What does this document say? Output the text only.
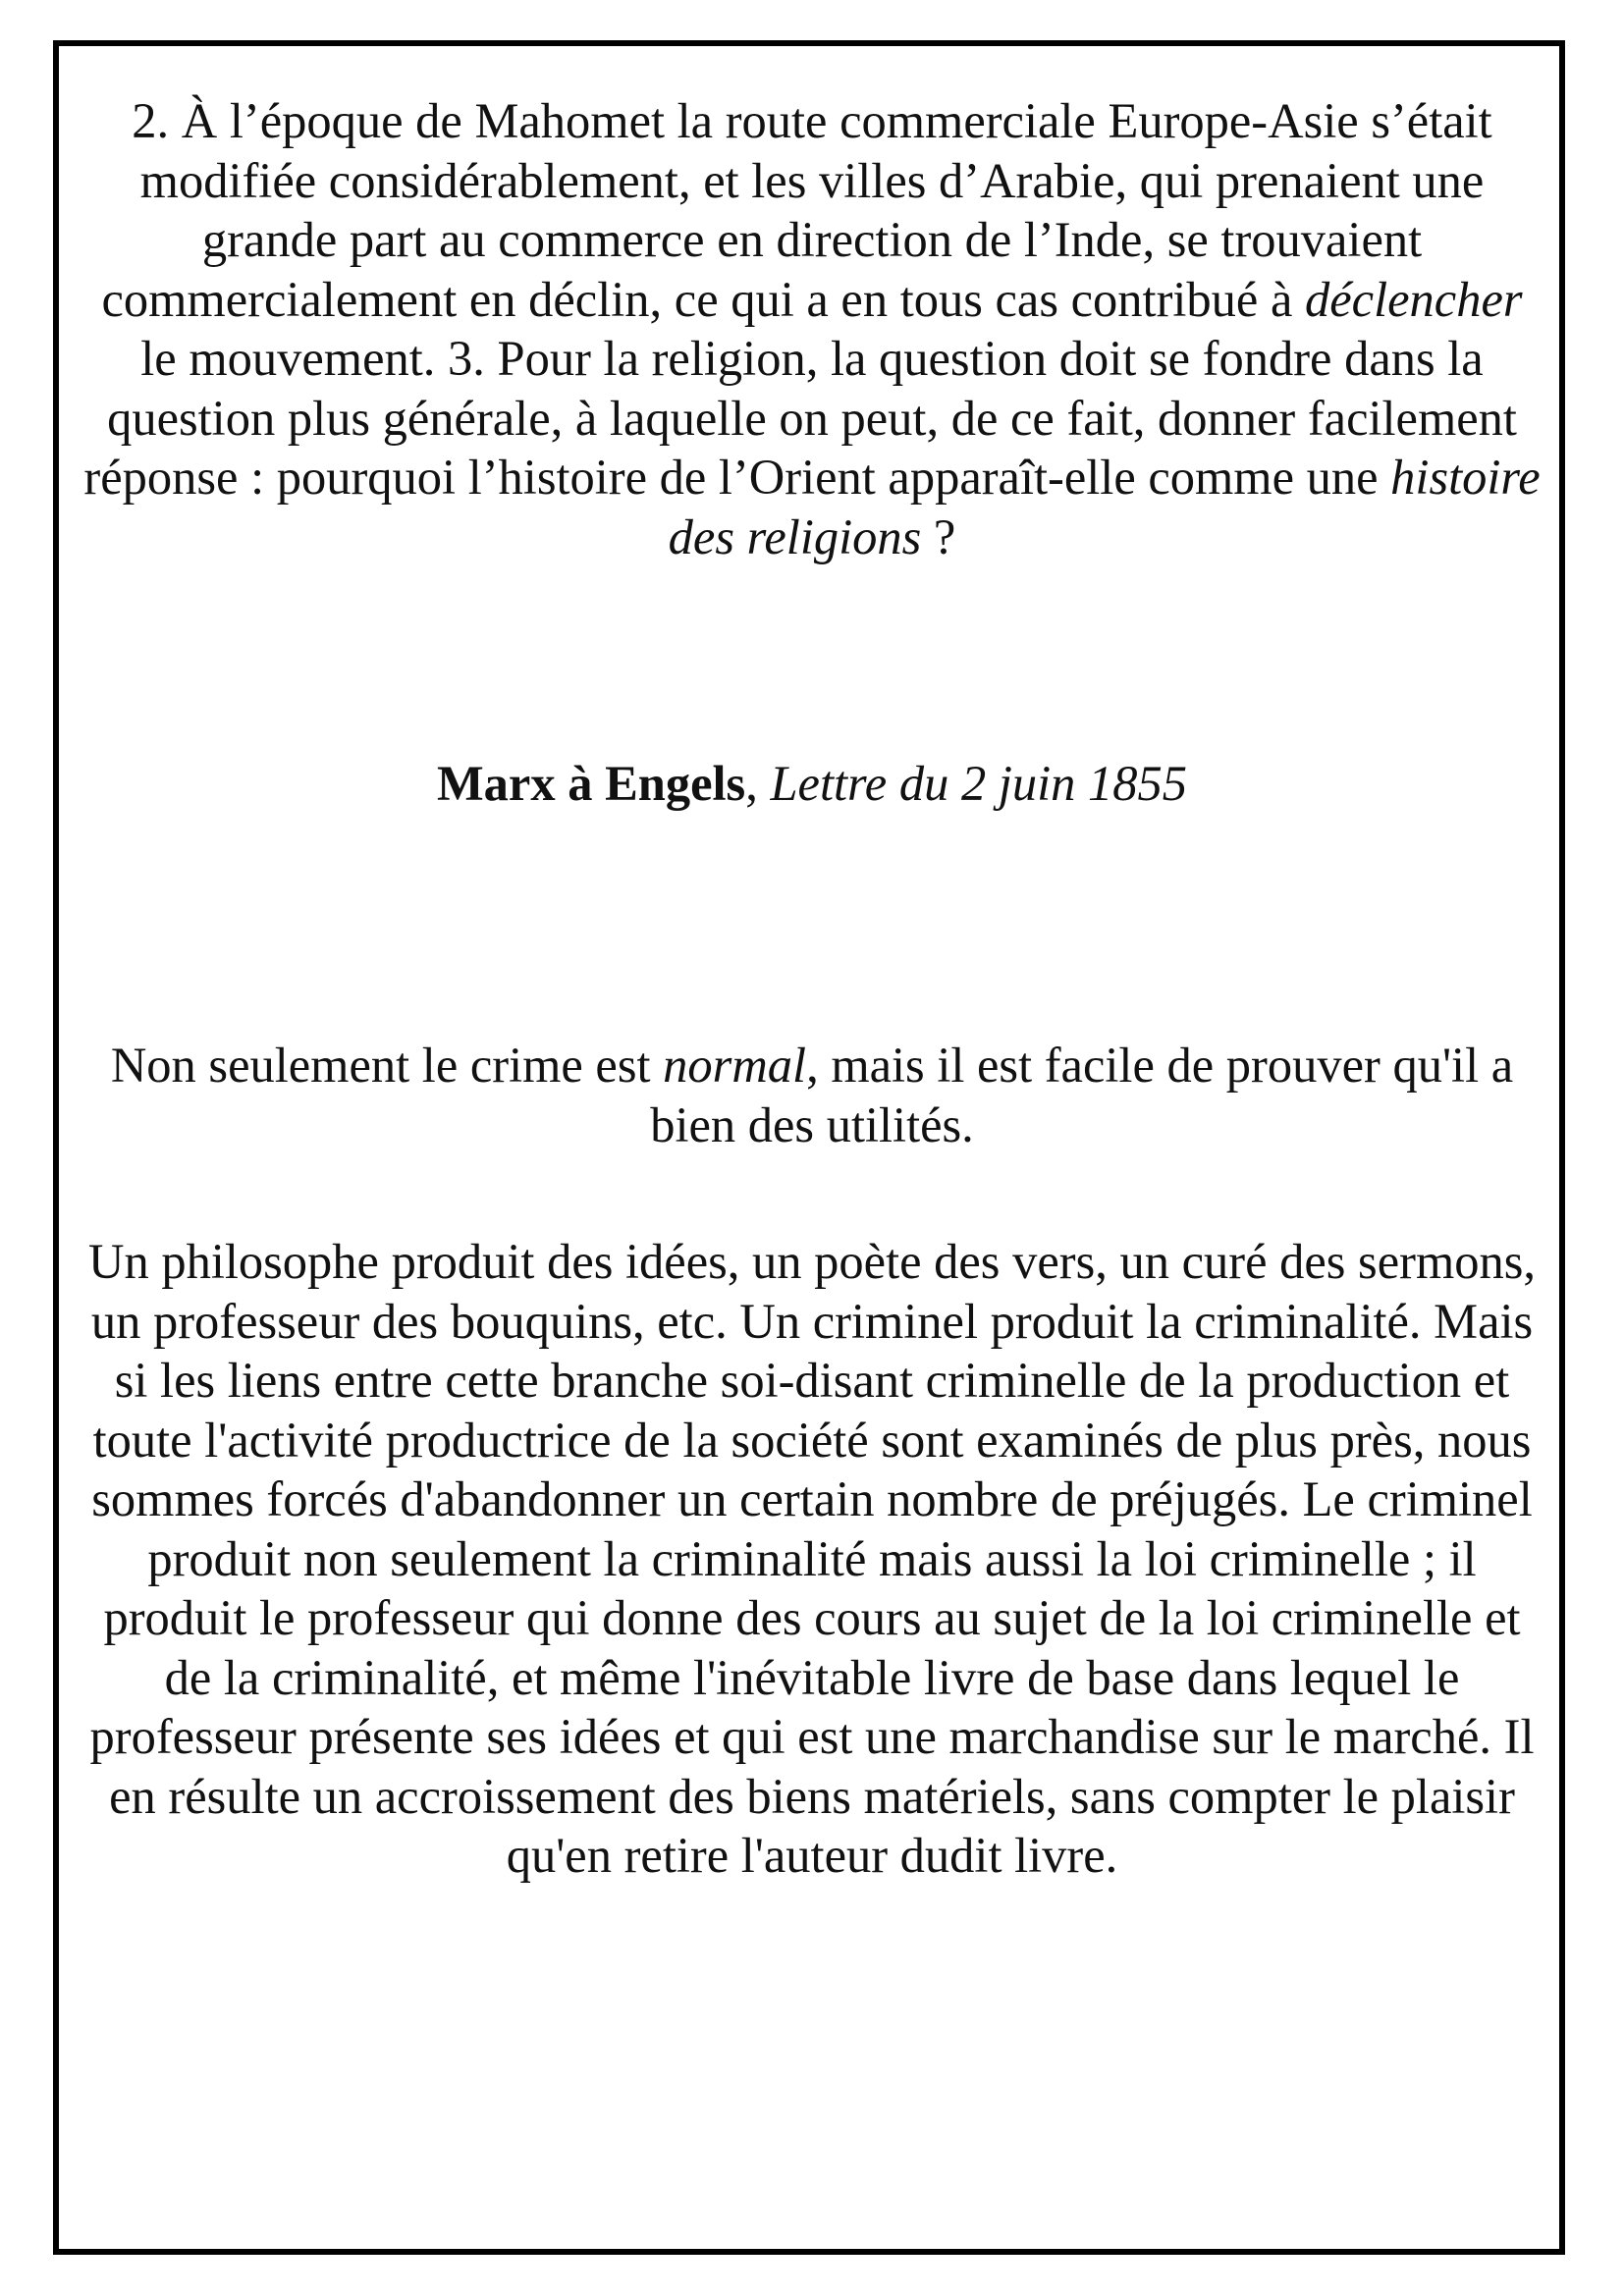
2. À l’époque de Mahomet la route commerciale Europe-Asie s’était modifiée considérablement, et les villes d’Arabie, qui prenaient une grande part au commerce en direction de l’Inde, se trouvaient commercialement en déclin, ce qui a en tous cas contribué à déclencher le mouvement. 3. Pour la religion, la question doit se fondre dans la question plus générale, à laquelle on peut, de ce fait, donner facilement réponse : pourquoi l’histoire de l’Orient apparaît-elle comme une histoire des religions ?

Marx à Engels, Lettre du 2 juin 1855

Non seulement le crime est normal, mais il est facile de prouver qu'il a bien des utilités.

Un philosophe produit des idées, un poète des vers, un curé des sermons, un professeur des bouquins, etc. Un criminel produit la criminalité. Mais si les liens entre cette branche soi-disant criminelle de la production et toute l'activité productrice de la société sont examinés de plus près, nous sommes forcés d'abandonner un certain nombre de préjugés. Le criminel produit non seulement la criminalité mais aussi la loi criminelle ; il produit le professeur qui donne des cours au sujet de la loi criminelle et de la criminalité, et même l'inévitable livre de base dans lequel le professeur présente ses idées et qui est une marchandise sur le marché. Il en résulte un accroissement des biens matériels, sans compter le plaisir qu'en retire l'auteur dudit livre.
